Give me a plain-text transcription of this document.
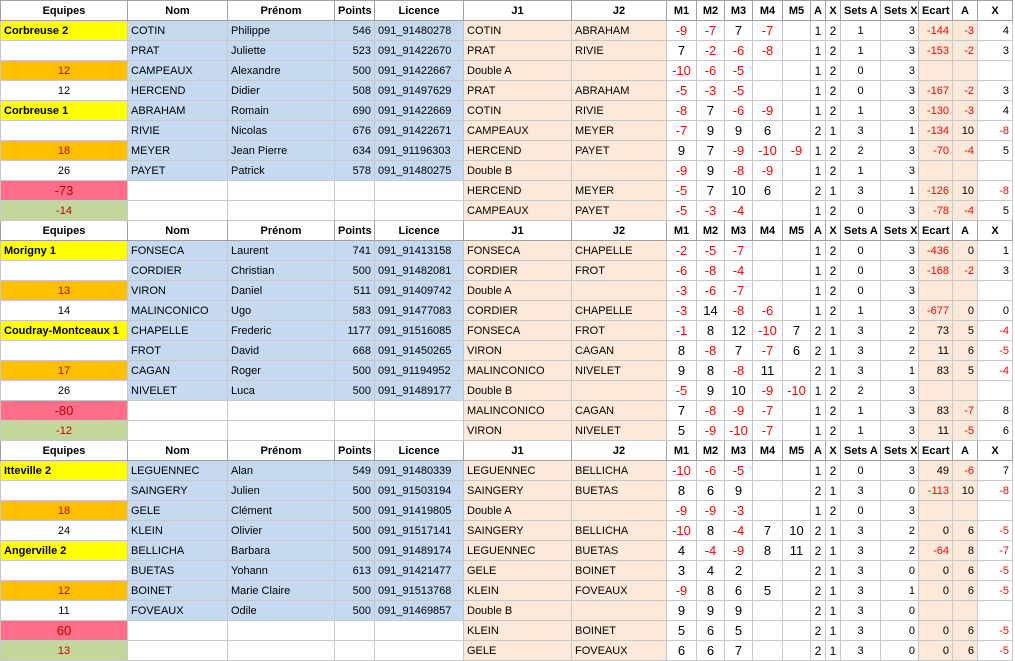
Equipes	Nom	Prénom	Points	Licence	J1	J2	M1	M2	M3	M4	M5	A	X	Sets A	Sets X	Ecart	A	X
Corbreuse 2	COTIN	Philippe	546	091_91480278	COTIN	ABRAHAM	-9	-7	7	-7		1	2	1	3	-144	-3	4
	PRAT	Juliette	523	091_91422670	PRAT	RIVIE	7	-2	-6	-8		1	2	1	3	-153	-2	3
12	CAMPEAUX	Alexandre	500	091_91422667	Double A		-10	-6	-5			1	2	0	3			
12	HERCEND	Didier	508	091_91497629	PRAT	ABRAHAM	-5	-3	-5			1	2	0	3	-167	-2	3
Corbreuse 1	ABRAHAM	Romain	690	091_91422669	COTIN	RIVIE	-8	7	-6	-9		1	2	1	3	-130	-3	4
	RIVIE	Nicolas	676	091_91422671	CAMPEAUX	MEYER	-7	9	9	6		2	1	3	1	-134	10	-8
18	MEYER	Jean Pierre	634	091_91196303	HERCEND	PAYET	9	7	-9	-10	-9	1	2	2	3	-70	-4	5
26	PAYET	Patrick	578	091_91480275	Double B		-9	9	-8	-9		1	2	1	3			
-73					HERCEND	MEYER	-5	7	10	6		2	1	3	1	-126	10	-8
-14					CAMPEAUX	PAYET	-5	-3	-4			1	2	0	3	-78	-4	5
Equipes	Nom	Prénom	Points	Licence	J1	J2	M1	M2	M3	M4	M5	A	X	Sets A	Sets X	Ecart	A	X
Morigny 1	FONSECA	Laurent	741	091_91413158	FONSECA	CHAPELLE	-2	-5	-7			1	2	0	3	-436	0	1
	CORDIER	Christian	500	091_91482081	CORDIER	FROT	-6	-8	-4			1	2	0	3	-168	-2	3
13	VIRON	Daniel	511	091_91409742	Double A		-3	-6	-7			1	2	0	3			
14	MALINCONICO	Ugo	583	091_91477083	CORDIER	CHAPELLE	-3	14	-8	-6		1	2	1	3	-677	0	0
Coudray-Montceaux 1	CHAPELLE	Frederic	1177	091_91516085	FONSECA	FROT	-1	8	12	-10	7	2	1	3	2	73	5	-4
	FROT	David	668	091_91450265	VIRON	CAGAN	8	-8	7	-7	6	2	1	3	2	11	6	-5
17	CAGAN	Roger	500	091_91194952	MALINCONICO	NIVELET	9	8	-8	11		2	1	3	1	83	5	-4
26	NIVELET	Luca	500	091_91489177	Double B		-5	9	10	-9	-10	1	2	2	3			
-80					MALINCONICO	CAGAN	7	-8	-9	-7		1	2	1	3	83	-7	8
-12					VIRON	NIVELET	5	-9	-10	-7		1	2	1	3	11	-5	6
Equipes	Nom	Prénom	Points	Licence	J1	J2	M1	M2	M3	M4	M5	A	X	Sets A	Sets X	Ecart	A	X
Itteville 2	LEGUENNEC	Alan	549	091_91480339	LEGUENNEC	BELLICHA	-10	-6	-5			1	2	0	3	49	-6	7
	SAINGERY	Julien	500	091_91503194	SAINGERY	BUETAS	8	6	9			2	1	3	0	-113	10	-8
18	GELE	Clément	500	091_91419805	Double A		-9	-9	-3			1	2	0	3			
24	KLEIN	Olivier	500	091_91517141	SAINGERY	BELLICHA	-10	8	-4	7	10	2	1	3	2	0	6	-5
Angerville 2	BELLICHA	Barbara	500	091_91489174	LEGUENNEC	BUETAS	4	-4	-9	8	11	2	1	3	2	-64	8	-7
	BUETAS	Yohann	613	091_91421477	GELE	BOINET	3	4	2			2	1	3	0	0	6	-5
12	BOINET	Marie Claire	500	091_91513768	KLEIN	FOVEAUX	-9	8	6	5		2	1	3	1	0	6	-5
11	FOVEAUX	Odile	500	091_91469857	Double B		9	9	9			2	1	3	0			
60					KLEIN	BOINET	5	6	5			2	1	3	0	0	6	-5
13					GELE	FOVEAUX	6	6	7			2	1	3	0	0	6	-5
